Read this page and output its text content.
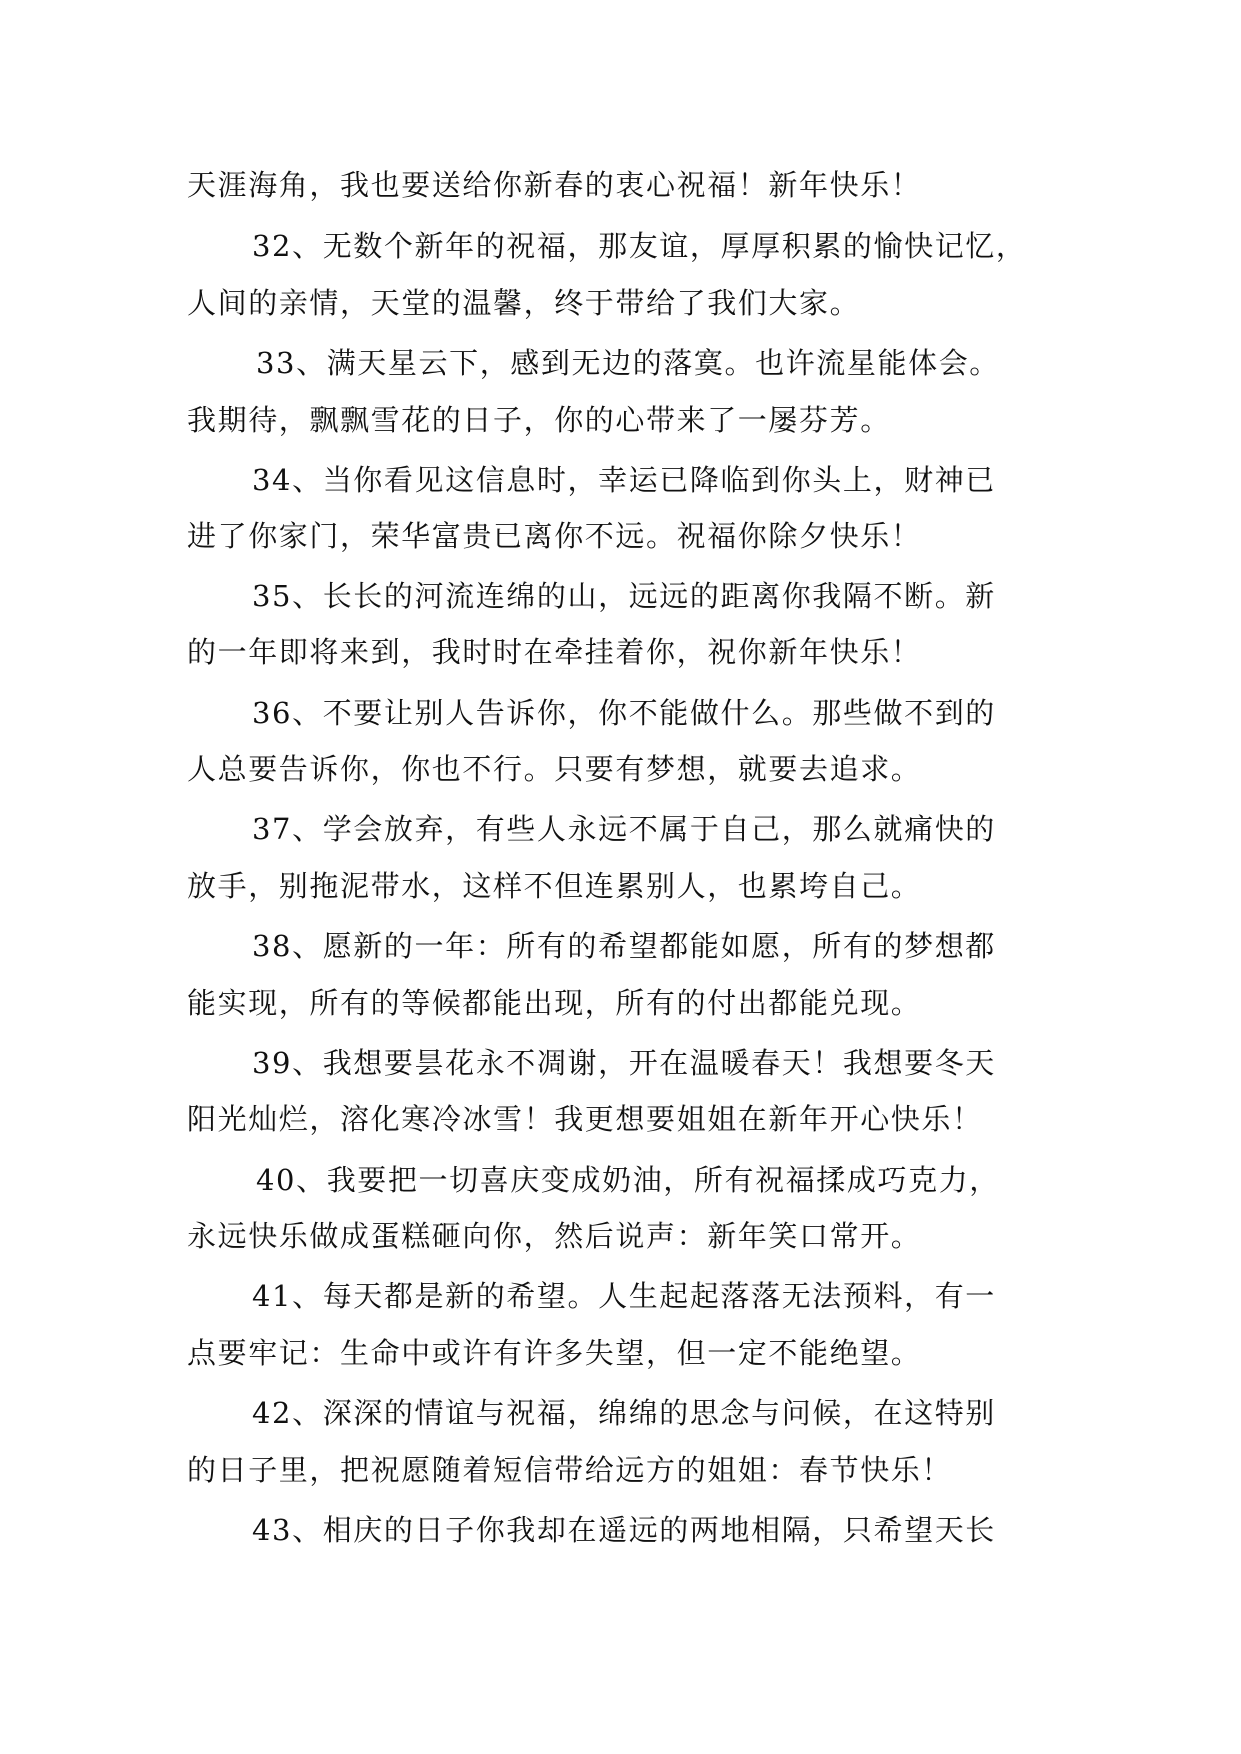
天涯海角，我也要送给你新春的衷心祝福！新年快乐！
32、无数个新年的祝福，那友谊，厚厚积累的愉快记忆，
人间的亲情，天堂的温馨，终于带给了我们大家。
33、满天星云下，感到无边的落寞。也许流星能体会。
我期待，飘飘雪花的日子，你的心带来了一屡芬芳。
34、当你看见这信息时，幸运已降临到你头上，财神已
进了你家门，荣华富贵已离你不远。祝福你除夕快乐！
35、长长的河流连绵的山，远远的距离你我隔不断。新
的一年即将来到，我时时在牵挂着你，祝你新年快乐！
36、不要让别人告诉你，你不能做什么。那些做不到的
人总要告诉你，你也不行。只要有梦想，就要去追求。
37、学会放弃，有些人永远不属于自己，那么就痛快的
放手，别拖泥带水，这样不但连累别人，也累垮自己。
38、愿新的一年：所有的希望都能如愿，所有的梦想都
能实现，所有的等候都能出现，所有的付出都能兑现。
39、我想要昙花永不凋谢，开在温暖春天！我想要冬天
阳光灿烂，溶化寒冷冰雪！我更想要姐姐在新年开心快乐！
40、我要把一切喜庆变成奶油，所有祝福揉成巧克力，
永远快乐做成蛋糕砸向你，然后说声：新年笑口常开。
41、每天都是新的希望。人生起起落落无法预料，有一
点要牢记：生命中或许有许多失望，但一定不能绝望。
42、深深的情谊与祝福，绵绵的思念与问候，在这特别
的日子里，把祝愿随着短信带给远方的姐姐：春节快乐！
43、相庆的日子你我却在遥远的两地相隔，只希望天长
